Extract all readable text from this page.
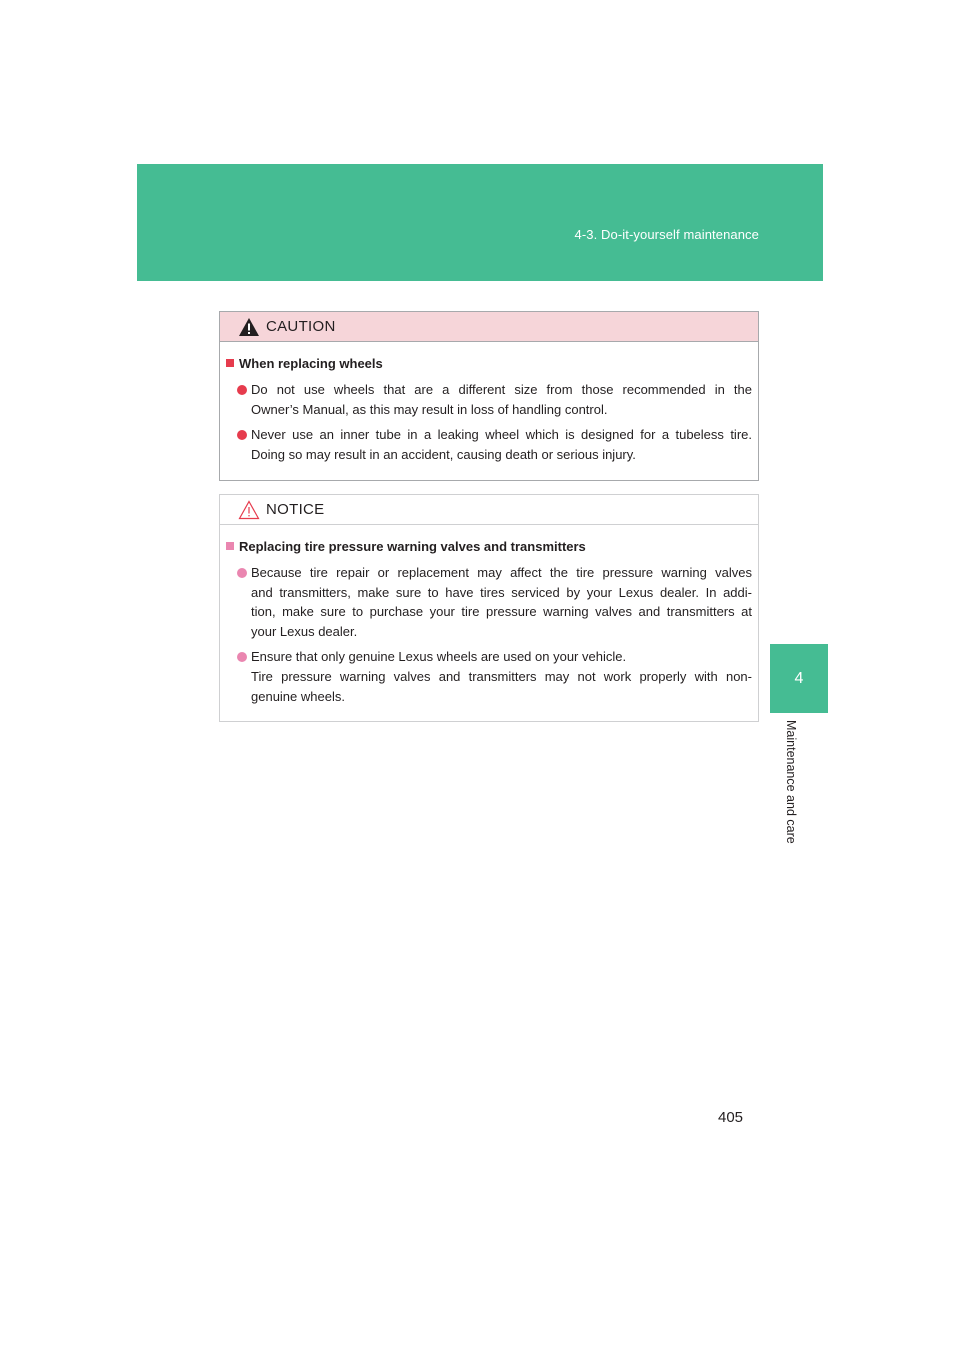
4-3. Do-it-yourself maintenance
4
Maintenance and care
CAUTION
When replacing wheels
Do not use wheels that are a different size from those recommended in the
Owner’s Manual, as this may result in loss of handling control.
Never use an inner tube in a leaking wheel which is designed for a tubeless tire.
Doing so may result in an accident, causing death or serious injury.
NOTICE
Replacing tire pressure warning valves and transmitters
Because tire repair or replacement may affect the tire pressure warning valves
and transmitters, make sure to have tires serviced by your Lexus dealer. In addi-
tion, make sure to purchase your tire pressure warning valves and transmitters at
your Lexus dealer.
Ensure that only genuine Lexus wheels are used on your vehicle.
Tire pressure warning valves and transmitters may not work properly with non-
genuine wheels.
405
